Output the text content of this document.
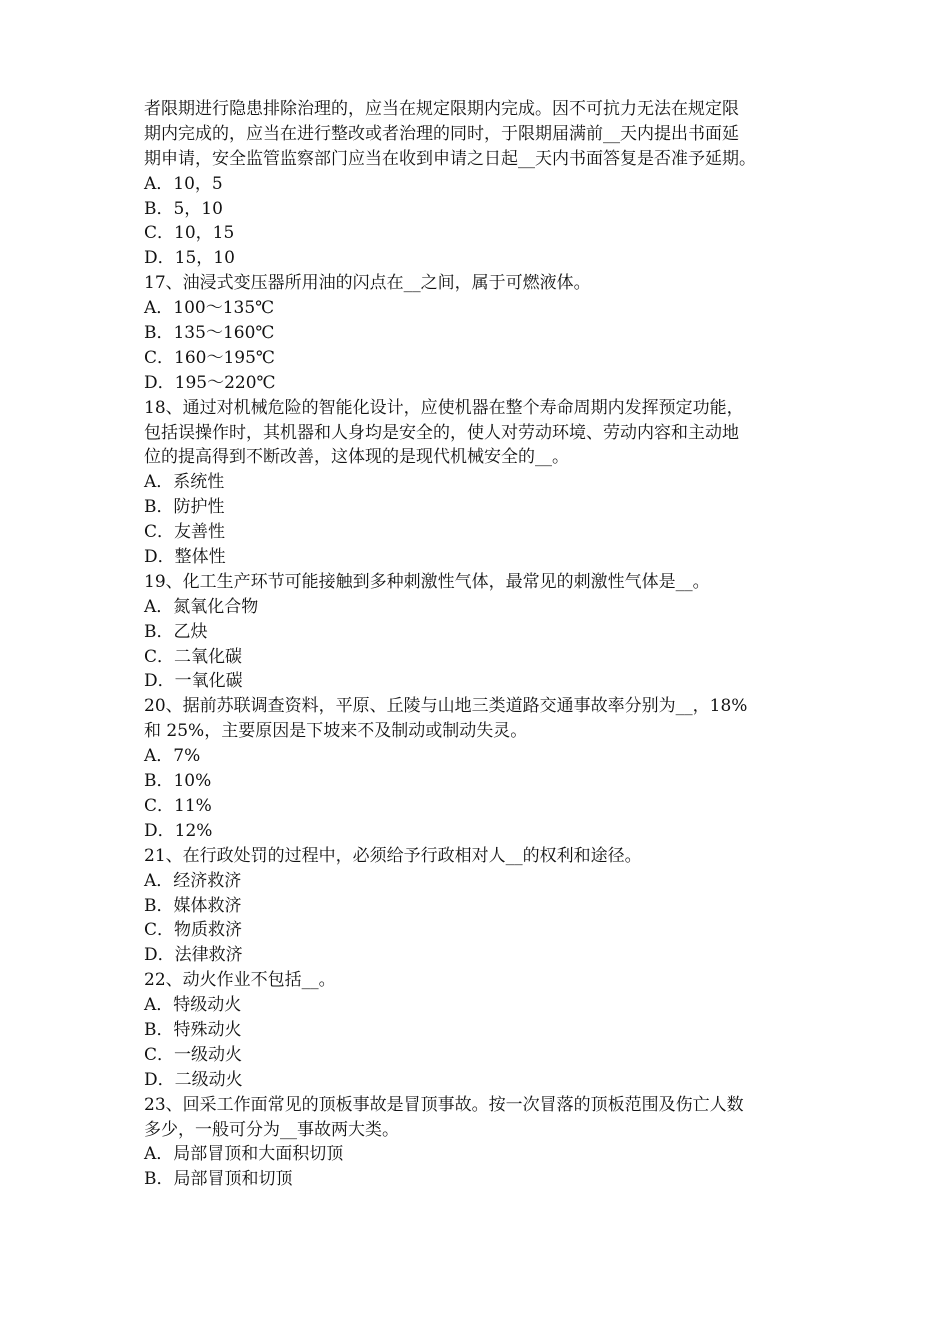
者限期进行隐患排除治理的，应当在规定限期内完成。因不可抗力无法在规定限
期内完成的，应当在进行整改或者治理的同时，于限期届满前__天内提出书面延
期申请，安全监管监察部门应当在收到申请之日起__天内书面答复是否准予延期。
A．10，5
B．5，10
C．10，15
D．15，10
17、油浸式变压器所用油的闪点在__之间，属于可燃液体。
A．100～135℃
B．135～160℃
C．160～195℃
D．195～220℃
18、通过对机械危险的智能化设计，应使机器在整个寿命周期内发挥预定功能，
包括误操作时，其机器和人身均是安全的，使人对劳动环境、劳动内容和主动地
位的提高得到不断改善，这体现的是现代机械安全的__。
A．系统性
B．防护性
C．友善性
D．整体性
19、化工生产环节可能接触到多种刺激性气体，最常见的刺激性气体是__。
A．氮氧化合物
B．乙炔
C．二氧化碳
D．一氧化碳
20、据前苏联调查资料，平原、丘陵与山地三类道路交通事故率分别为__，18%
和 25%，主要原因是下坡来不及制动或制动失灵。
A．7%
B．10%
C．11%
D．12%
21、在行政处罚的过程中，必须给予行政相对人__的权利和途径。
A．经济救济
B．媒体救济
C．物质救济
D．法律救济
22、动火作业不包括__。
A．特级动火
B．特殊动火
C．一级动火
D．二级动火
23、回采工作面常见的顶板事故是冒顶事故。按一次冒落的顶板范围及伤亡人数
多少，一般可分为__事故两大类。
A．局部冒顶和大面积切顶
B．局部冒顶和切顶
